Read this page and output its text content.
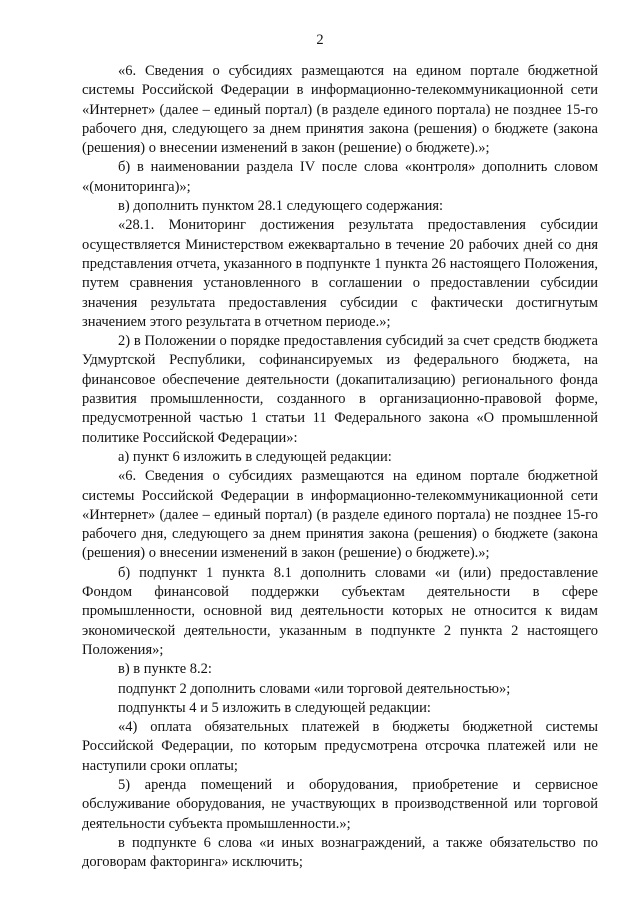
2

«6. Сведения о субсидиях размещаются на едином портале бюджетной системы Российской Федерации в информационно-телекоммуникационной сети «Интернет» (далее – единый портал) (в разделе единого портала) не позднее 15-го рабочего дня, следующего за днем принятия закона (решения) о бюджете (закона (решения) о внесении изменений в закон (решение) о бюджете).»;

б) в наименовании раздела IV после слова «контроля» дополнить словом «(мониторинга)»;

в) дополнить пунктом 28.1 следующего содержания:

«28.1. Мониторинг достижения результата предоставления субсидии осуществляется Министерством ежеквартально в течение 20 рабочих дней со дня представления отчета, указанного в подпункте 1 пункта 26 настоящего Положения, путем сравнения установленного в соглашении о предоставлении субсидии значения результата предоставления субсидии с фактически достигнутым значением этого результата в отчетном периоде.»;

2) в Положении о порядке предоставления субсидий за счет средств бюджета Удмуртской Республики, софинансируемых из федерального бюджета, на финансовое обеспечение деятельности (докапитализацию) регионального фонда развития промышленности, созданного в организационно-правовой форме, предусмотренной частью 1 статьи 11 Федерального закона «О промышленной политике Российской Федерации»:

а) пункт 6 изложить в следующей редакции:

«6. Сведения о субсидиях размещаются на едином портале бюджетной системы Российской Федерации в информационно-телекоммуникационной сети «Интернет» (далее – единый портал) (в разделе единого портала) не позднее 15-го рабочего дня, следующего за днем принятия закона (решения) о бюджете (закона (решения) о внесении изменений в закон (решение) о бюджете).»;

б) подпункт 1 пункта 8.1 дополнить словами «и (или) предоставление Фондом финансовой поддержки субъектам деятельности в сфере промышленности, основной вид деятельности которых не относится к видам экономической деятельности, указанным в подпункте 2 пункта 2 настоящего Положения»;

в) в пункте 8.2:

подпункт 2 дополнить словами «или торговой деятельностью»;

подпункты 4 и 5 изложить в следующей редакции:

«4) оплата обязательных платежей в бюджеты бюджетной системы Российской Федерации, по которым предусмотрена отсрочка платежей или не наступили сроки оплаты;

5) аренда помещений и оборудования, приобретение и сервисное обслуживание оборудования, не участвующих в производственной или торговой деятельности субъекта промышленности.»;

в подпункте 6 слова «и иных вознаграждений, а также обязательство по договорам факторинга» исключить;
